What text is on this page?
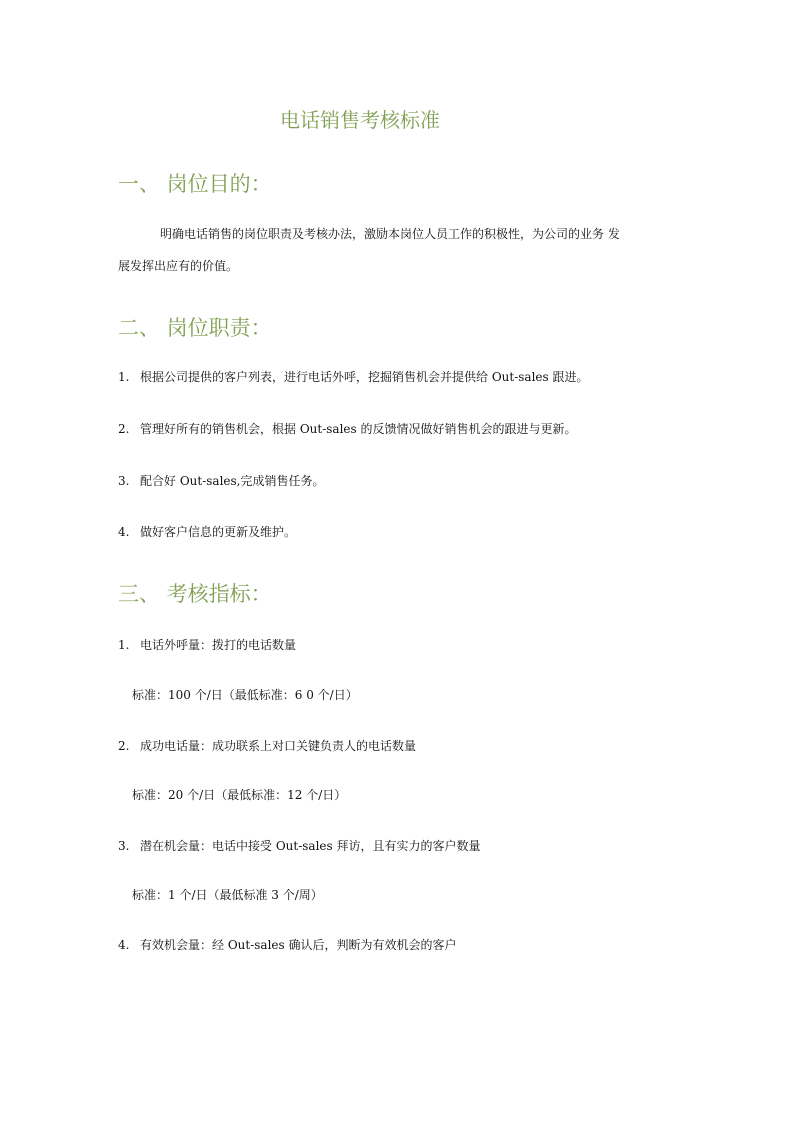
电话销售考核标准
一、 岗位目的：
明确电话销售的岗位职责及考核办法，激励本岗位人员工作的积极性，为公司的业务 发
展发挥出应有的价值。
二、 岗位职责：
1. 根据公司提供的客户列表，进行电话外呼，挖掘销售机会并提供给 Out-sales 跟进。
2. 管理好所有的销售机会，根据 Out-sales 的反馈情况做好销售机会的跟进与更新。
3. 配合好 Out-sales,完成销售任务。
4. 做好客户信息的更新及维护。
三、 考核指标：
1. 电话外呼量：拨打的电话数量
标准：100 个/日（最低标准：6 0 个/日）
2. 成功电话量：成功联系上对口关键负责人的电话数量
标准：20 个/日（最低标准：12 个/日）
3. 潜在机会量：电话中接受 Out-sales 拜访，且有实力的客户数量
标准：1 个/日（最低标准 3 个/周）
4. 有效机会量：经 Out-sales 确认后，判断为有效机会的客户
